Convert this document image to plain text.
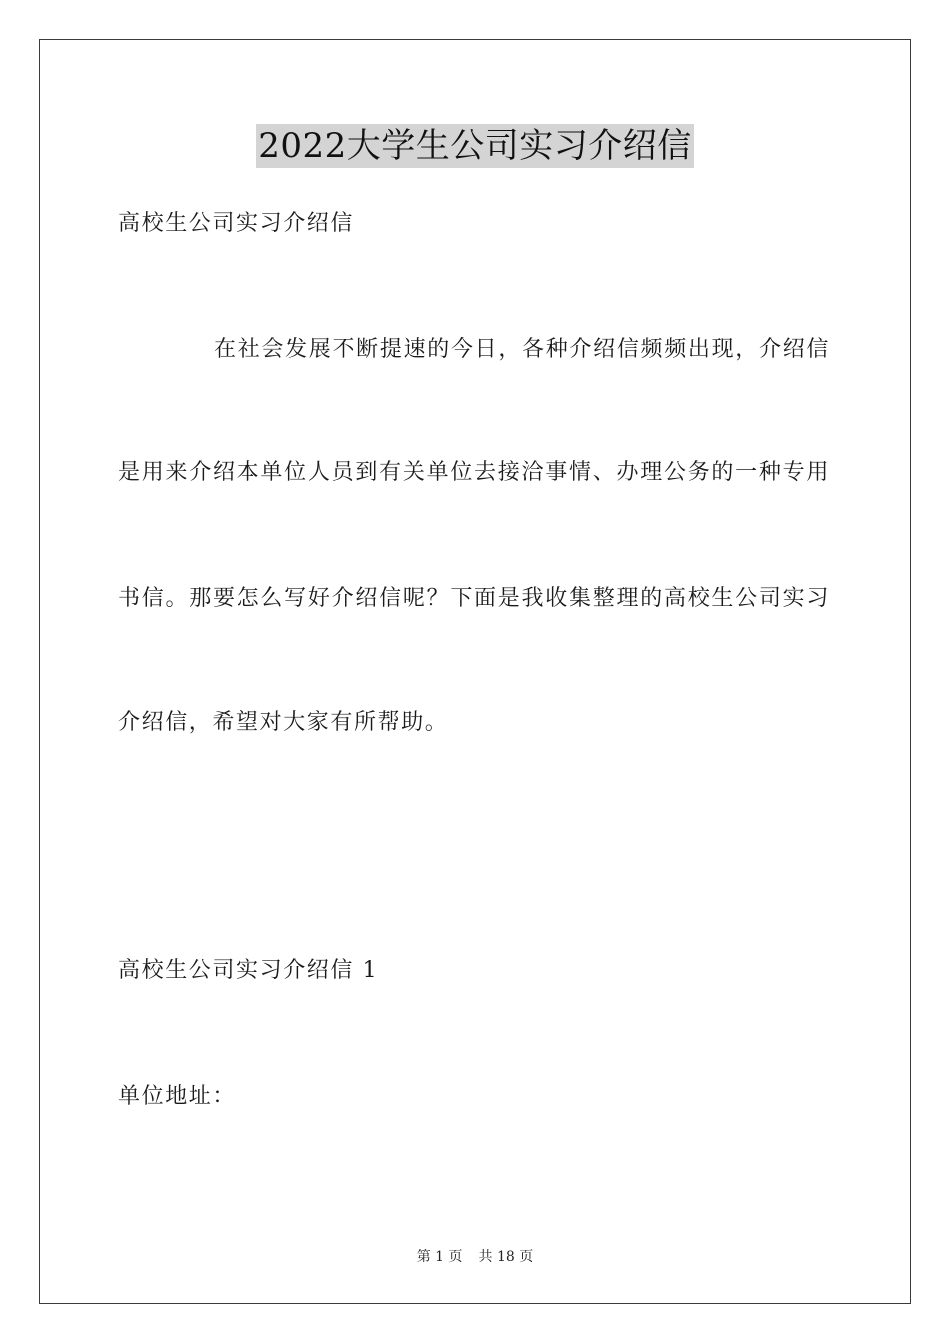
2022大学生公司实习介绍信
高校生公司实习介绍信
在社会发展不断提速的今日，各种介绍信频频出现，介绍信
是用来介绍本单位人员到有关单位去接洽事情、办理公务的一种专用
书信。那要怎么写好介绍信呢？下面是我收集整理的高校生公司实习
介绍信，希望对大家有所帮助。
高校生公司实习介绍信 1
单位地址：
第 1 页 共 18 页
